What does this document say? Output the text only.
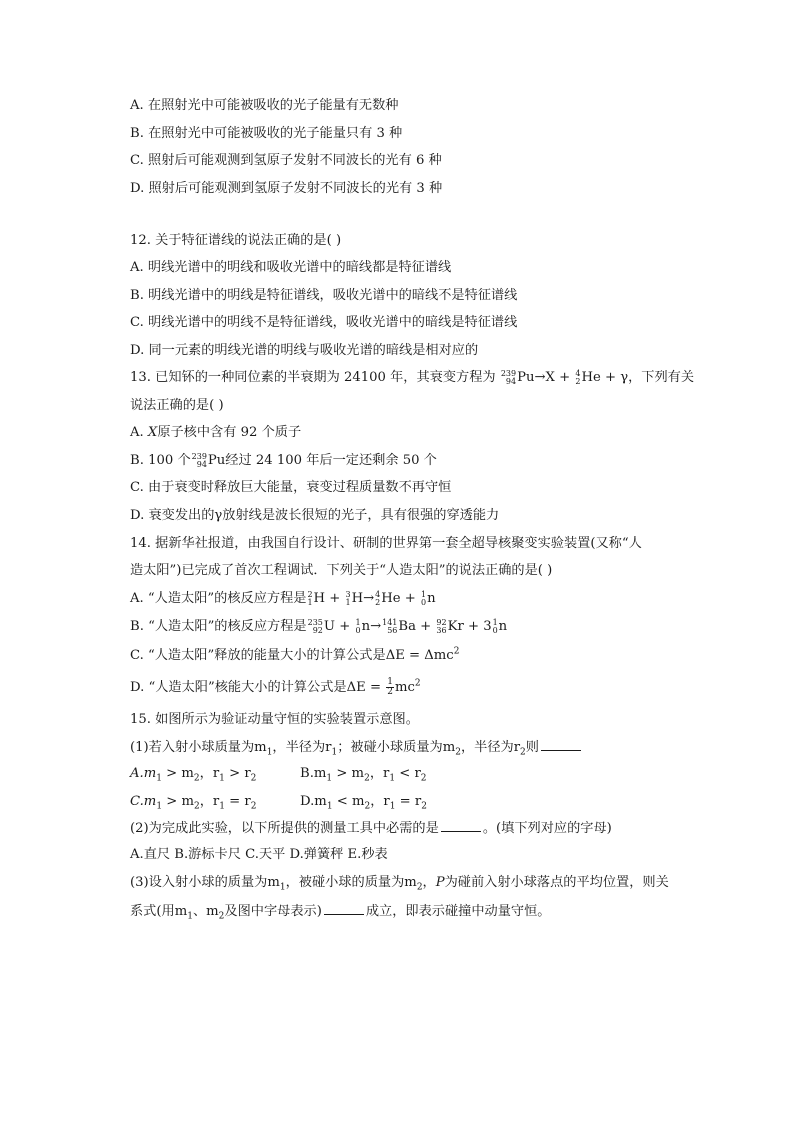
A. 在照射光中可能被吸收的光子能量有无数种
B. 在照射光中可能被吸收的光子能量只有 3 种
C. 照射后可能观测到氢原子发射不同波长的光有 6 种
D. 照射后可能观测到氢原子发射不同波长的光有 3 种
12. 关于特征谱线的说法正确的是( )
A. 明线光谱中的明线和吸收光谱中的暗线都是特征谱线
B. 明线光谱中的明线是特征谱线，吸收光谱中的暗线不是特征谱线
C. 明线光谱中的明线不是特征谱线，吸收光谱中的暗线是特征谱线
D. 同一元素的明线光谱的明线与吸收光谱的暗线是相对应的
13. 已知钚的一种同位素的半衰期为 24100 年，其衰变方程为 239
94 Pu→X + 4
2 He + γ，下列有关
说法正确的是( )
A. X原子核中含有 92 个质子
B. 100 个 239
94 Pu经过 24 100 年后一定还剩余 50 个
C. 由于衰变时释放巨大能量，衰变过程质量数不再守恒
D. 衰变发出的γ放射线是波长很短的光子，具有很强的穿透能力
14. 据新华社报道，由我国自行设计、研制的世界第一套全超导核聚变实验装置(又称“人
造太阳”)已完成了首次工程调试．下列关于“人造太阳”的说法正确的是( )
A. “人造太阳”的核反应方程是 2
1 H + 3
1 H→ 4
2 He + 1
0 n
B. “人造太阳”的核反应方程是 235
92 U + 1
0 n→ 141
56 Ba + 92
36 Kr + 3 1
0 n
C. “人造太阳”释放的能量大小的计算公式是ΔE = Δmc$^2$
D. “人造太阳”核能大小的计算公式是$\Delta E = \frac{1}{2} mc^2$
15. 如图所示为验证动量守恒的实验装置示意图。
(1)若入射小球质量为$m_1$，半径为$r_1$；被碰小球质量为$m_2$，半径为$r_2$则
$A.m_1 > m_2$，$r_1 > r_2$	$B.m_1 > m_2$，$r_1 < r_2$
$C.m_1 > m_2$，$r_1 = r_2$	$D.m_1 < m_2$，$r_1 = r_2$
(2)为完成此实验，以下所提供的测量工具中必需的是	。(填下列对应的字母)
A.直尺 B.游标卡尺 C.天平 D.弹簧秤 E.秒表
(3)设入射小球的质量为$m_1$，被碰小球的质量为$m_2$，P为碰前入射小球落点的平均位置，则关
系式(用$m_1$、$m_2$及图中字母表示)	成立，即表示碰撞中动量守恒。
